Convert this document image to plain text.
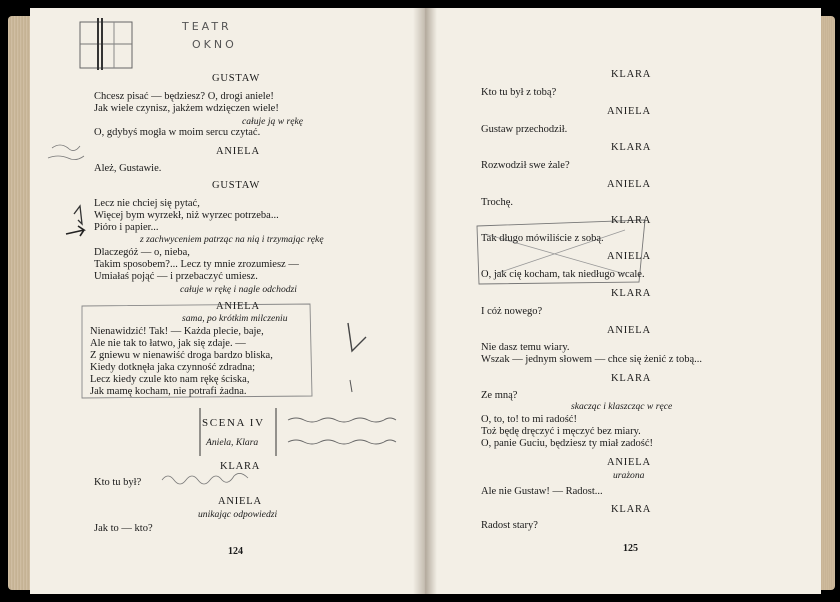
TEATR
OKNO
GUSTAW
Chcesz pisać — będziesz? O, drogi aniele!
Jak wiele czynisz, jakżem wdzięczen wiele!
całuje ją w rękę
O, gdybyś mogła w moim sercu czytać.
ANIELA
Ależ, Gustawie.
GUSTAW
Lecz nie chciej się pytać,
Więcej bym wyrzekł, niż wyrzec potrzeba...
Pióro i papier...
z zachwyceniem patrząc na nią i trzymając rękę
Dlaczegóż — o, nieba,
Takim sposobem?... Lecz ty mnie zrozumiesz —
Umiałaś pojąć — i przebaczyć umiesz.
całuje w rękę i nagle odchodzi
ANIELA
sama, po krótkim milczeniu
Nienawidzić! Tak! — Każda plecie, baje,
Ale nie tak to łatwo, jak się zdaje. —
Z gniewu w nienawiść droga bardzo bliska,
Kiedy dotknęła jaka czynność zdradna;
Lecz kiedy czule kto nam rękę ściska,
Jak mamę kocham, nie potrafi żadna.
SCENA IV
Aniela, Klara
KLARA
Kto tu był?
ANIELA
unikając odpowiedzi
Jak to — kto?
124
KLARA
Kto tu był z tobą?
ANIELA
Gustaw przechodził.
KLARA
Rozwodził swe żale?
ANIELA
Trochę.
KLARA
Tak długo mówiliście z sobą.
ANIELA
O, jak cię kocham, tak niedługo wcale.
KLARA
I cóż nowego?
ANIELA
Nie dasz temu wiary.
Wszak — jednym słowem — chce się żenić z tobą...
KLARA
Ze mną?
skacząc i klaszcząc w ręce
O, to, to! to mi radość!
Toż będę dręczyć i męczyć bez miary.
O, panie Guciu, będziesz ty miał zadość!
ANIELA
urażona
Ale nie Gustaw! — Radost...
KLARA
Radost stary?
125
